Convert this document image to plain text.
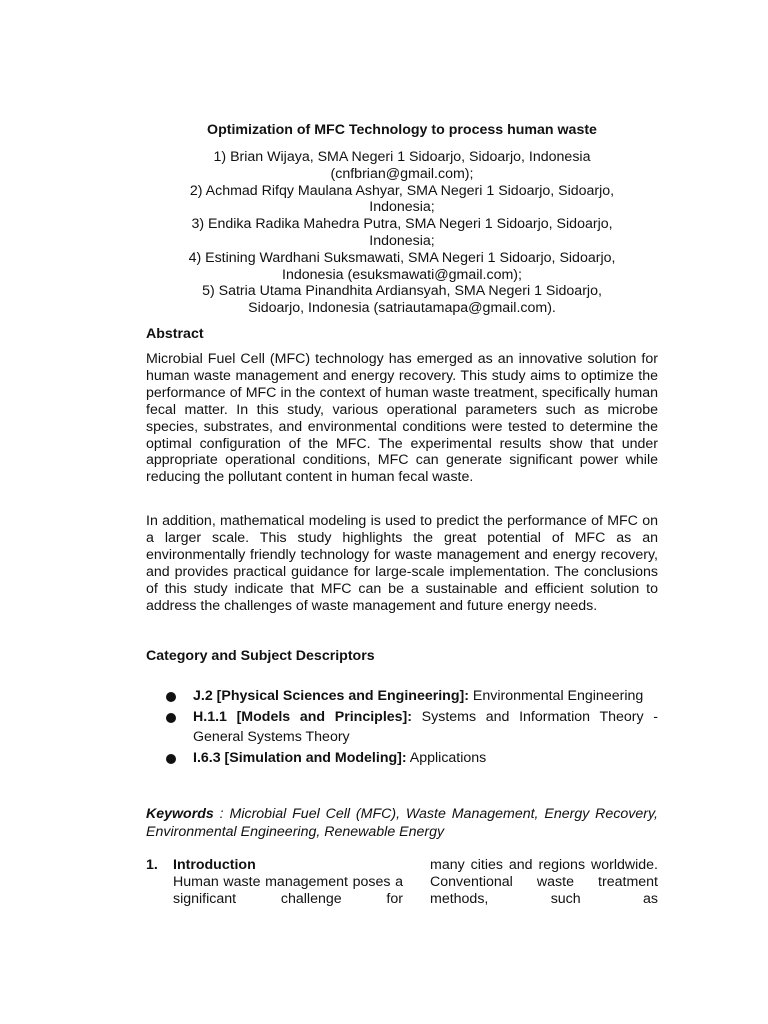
Optimization of MFC Technology to process human waste
1) Brian Wijaya, SMA Negeri 1 Sidoarjo, Sidoarjo, Indonesia
(cnfbrian@gmail.com);
2) Achmad Rifqy Maulana Ashyar, SMA Negeri 1 Sidoarjo, Sidoarjo,
Indonesia;
3) Endika Radika Mahedra Putra, SMA Negeri 1 Sidoarjo, Sidoarjo,
Indonesia;
4) Estining Wardhani Suksmawati, SMA Negeri 1 Sidoarjo, Sidoarjo,
Indonesia (esuksmawati@gmail.com);
5) Satria Utama Pinandhita Ardiansyah, SMA Negeri 1 Sidoarjo,
Sidoarjo, Indonesia (satriautamapa@gmail.com).
Abstract

Microbial Fuel Cell (MFC) technology has emerged as an innovative solution for human waste management and energy recovery. This study aims to optimize the performance of MFC in the context of human waste treatment, specifically human fecal matter. In this study, various operational parameters such as microbe species, substrates, and environmental conditions were tested to determine the optimal configuration of the MFC. The experimental results show that under appropriate operational conditions, MFC can generate significant power while reducing the pollutant content in human fecal waste.

In addition, mathematical modeling is used to predict the performance of MFC on a larger scale. This study highlights the great potential of MFC as an environmentally friendly technology for waste management and energy recovery, and provides practical guidance for large-scale implementation. The conclusions of this study indicate that MFC can be a sustainable and efficient solution to address the challenges of waste management and future energy needs.

Category and Subject Descriptors
J.2 [Physical Sciences and Engineering]: Environmental Engineering
H.1.1 [Models and Principles]: Systems and Information Theory - General Systems Theory
I.6.3 [Simulation and Modeling]: Applications
Keywords : Microbial Fuel Cell (MFC), Waste Management, Energy Recovery, Environmental Engineering, Renewable Energy
1.	Introduction

Human waste management poses a significant challenge for

many cities and regions worldwide. Conventional waste treatment methods, such as
